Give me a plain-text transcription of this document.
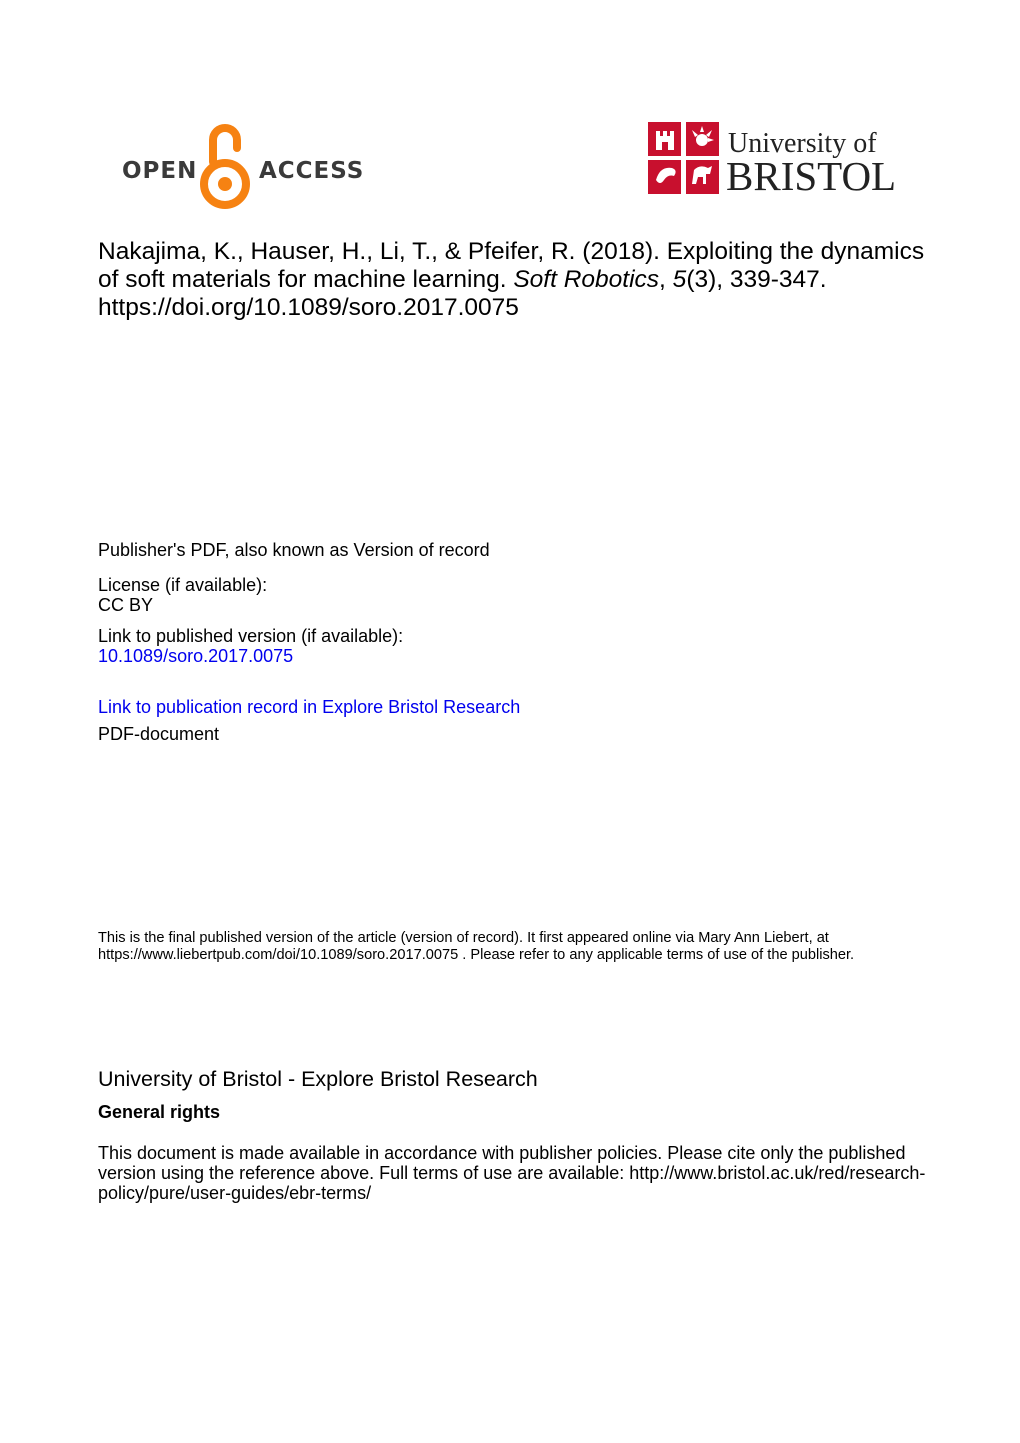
OPEN	ACCESS
University of
BRISTOL
Nakajima, K., Hauser, H., Li, T., & Pfeifer, R. (2018). Exploiting the dynamics of soft materials for machine learning. Soft Robotics, 5(3), 339-347. https://doi.org/10.1089/soro.2017.0075
Publisher's PDF, also known as Version of record
License (if available):
CC BY
Link to published version (if available):
10.1089/soro.2017.0075
Link to publication record in Explore Bristol Research
PDF-document
This is the final published version of the article (version of record). It first appeared online via Mary Ann Liebert, at https://www.liebertpub.com/doi/10.1089/soro.2017.0075 . Please refer to any applicable terms of use of the publisher.
University of Bristol - Explore Bristol Research
General rights
This document is made available in accordance with publisher policies. Please cite only the published version using the reference above. Full terms of use are available: http://www.bristol.ac.uk/red/research-policy/pure/user-guides/ebr-terms/
